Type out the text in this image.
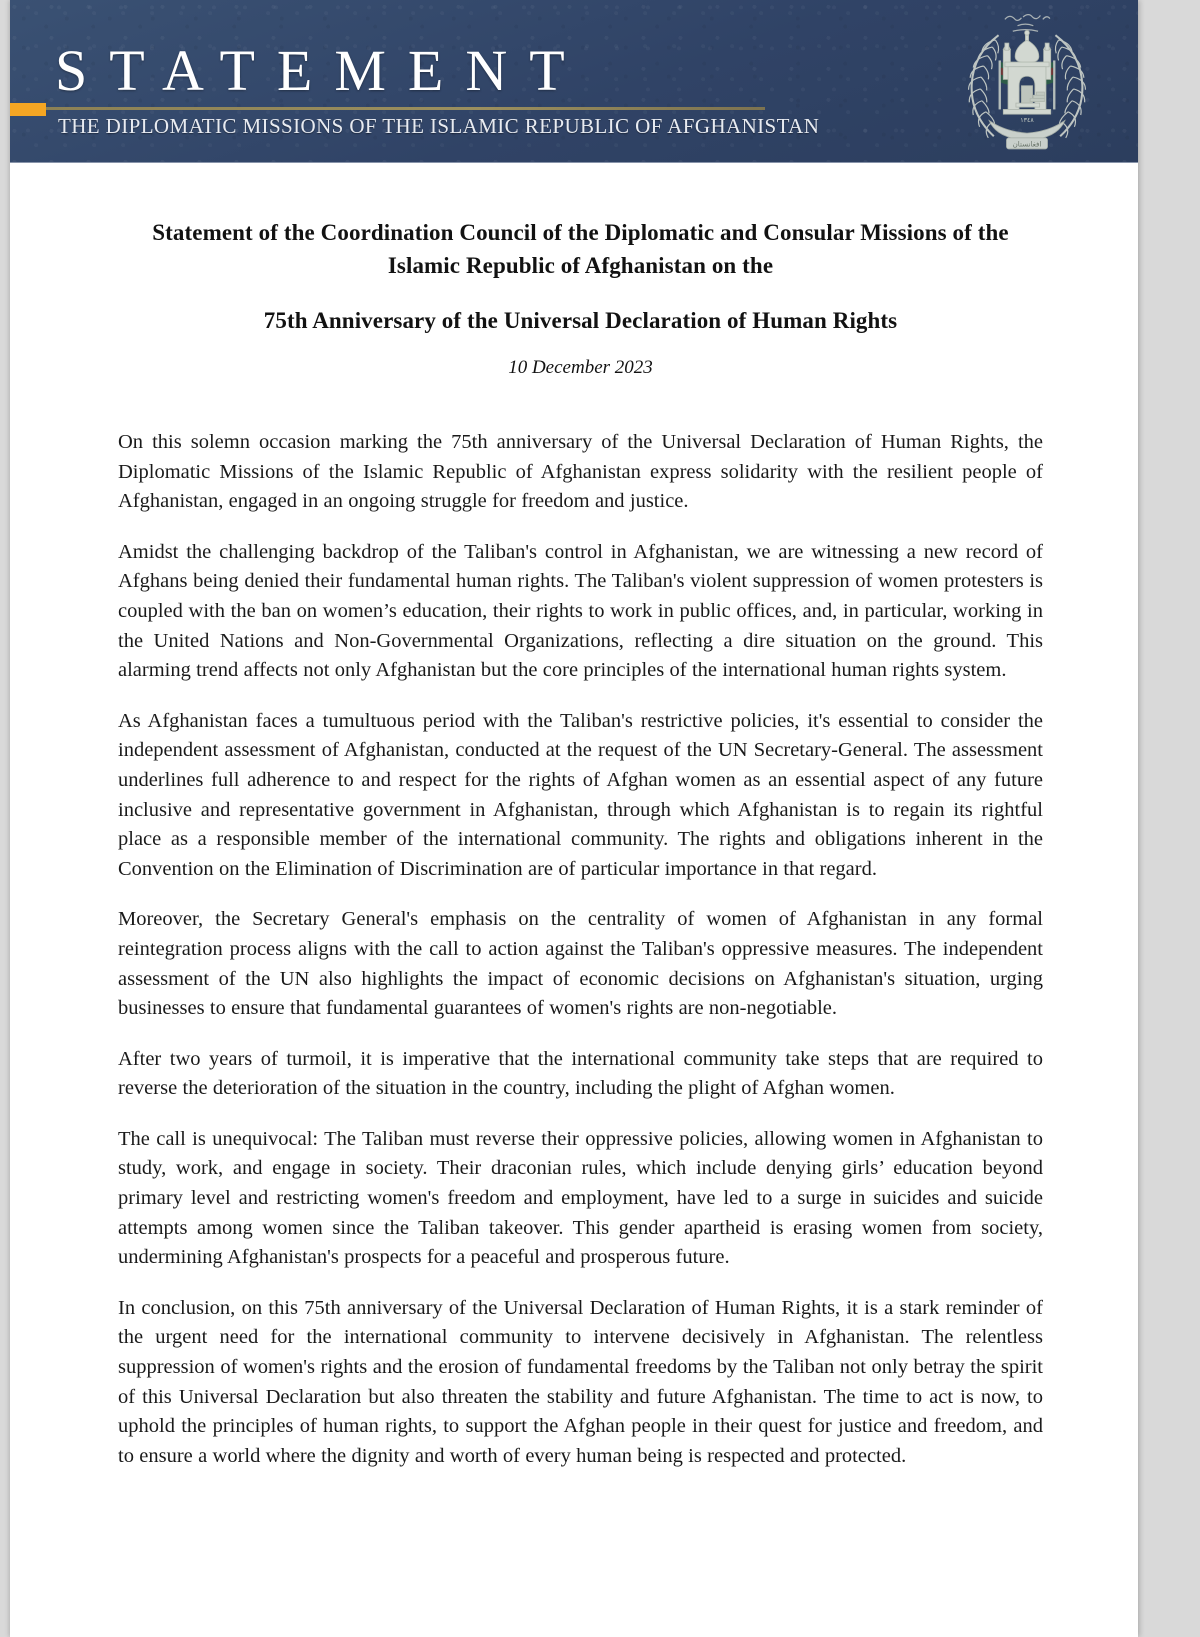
STATEMENT
THE DIPLOMATIC MISSIONS OF THE ISLAMIC REPUBLIC OF AFGHANISTAN	١٣٤٨
افغانستان
Statement of the Coordination Council of the Diplomatic and Consular Missions of the Islamic Republic of Afghanistan on the
75th Anniversary of the Universal Declaration of Human Rights
10 December 2023

On this solemn occasion marking the 75th anniversary of the Universal Declaration of Human Rights, the Diplomatic Missions of the Islamic Republic of Afghanistan express solidarity with the resilient people of Afghanistan, engaged in an ongoing struggle for freedom and justice.

Amidst the challenging backdrop of the Taliban's control in Afghanistan, we are witnessing a new record of Afghans being denied their fundamental human rights. The Taliban's violent suppression of women protesters is coupled with the ban on women’s education, their rights to work in public offices, and, in particular, working in the United Nations and Non-Governmental Organizations, reflecting a dire situation on the ground. This alarming trend affects not only Afghanistan but the core principles of the international human rights system.

As Afghanistan faces a tumultuous period with the Taliban's restrictive policies, it's essential to consider the independent assessment of Afghanistan, conducted at the request of the UN Secretary-General. The assessment underlines full adherence to and respect for the rights of Afghan women as an essential aspect of any future inclusive and representative government in Afghanistan, through which Afghanistan is to regain its rightful place as a responsible member of the international community. The rights and obligations inherent in the Convention on the Elimination of Discrimination are of particular importance in that regard.

Moreover, the Secretary General's emphasis on the centrality of women of Afghanistan in any formal reintegration process aligns with the call to action against the Taliban's oppressive measures. The independent assessment of the UN also highlights the impact of economic decisions on Afghanistan's situation, urging businesses to ensure that fundamental guarantees of women's rights are non-negotiable.

After two years of turmoil, it is imperative that the international community take steps that are required to reverse the deterioration of the situation in the country, including the plight of Afghan women.

The call is unequivocal: The Taliban must reverse their oppressive policies, allowing women in Afghanistan to study, work, and engage in society. Their draconian rules, which include denying girls’ education beyond primary level and restricting women's freedom and employment, have led to a surge in suicides and suicide attempts among women since the Taliban takeover. This gender apartheid is erasing women from society, undermining Afghanistan's prospects for a peaceful and prosperous future.

In conclusion, on this 75th anniversary of the Universal Declaration of Human Rights, it is a stark reminder of the urgent need for the international community to intervene decisively in Afghanistan. The relentless suppression of women's rights and the erosion of fundamental freedoms by the Taliban not only betray the spirit of this Universal Declaration but also threaten the stability and future Afghanistan. The time to act is now, to uphold the principles of human rights, to support the Afghan people in their quest for justice and freedom, and to ensure a world where the dignity and worth of every human being is respected and protected.
